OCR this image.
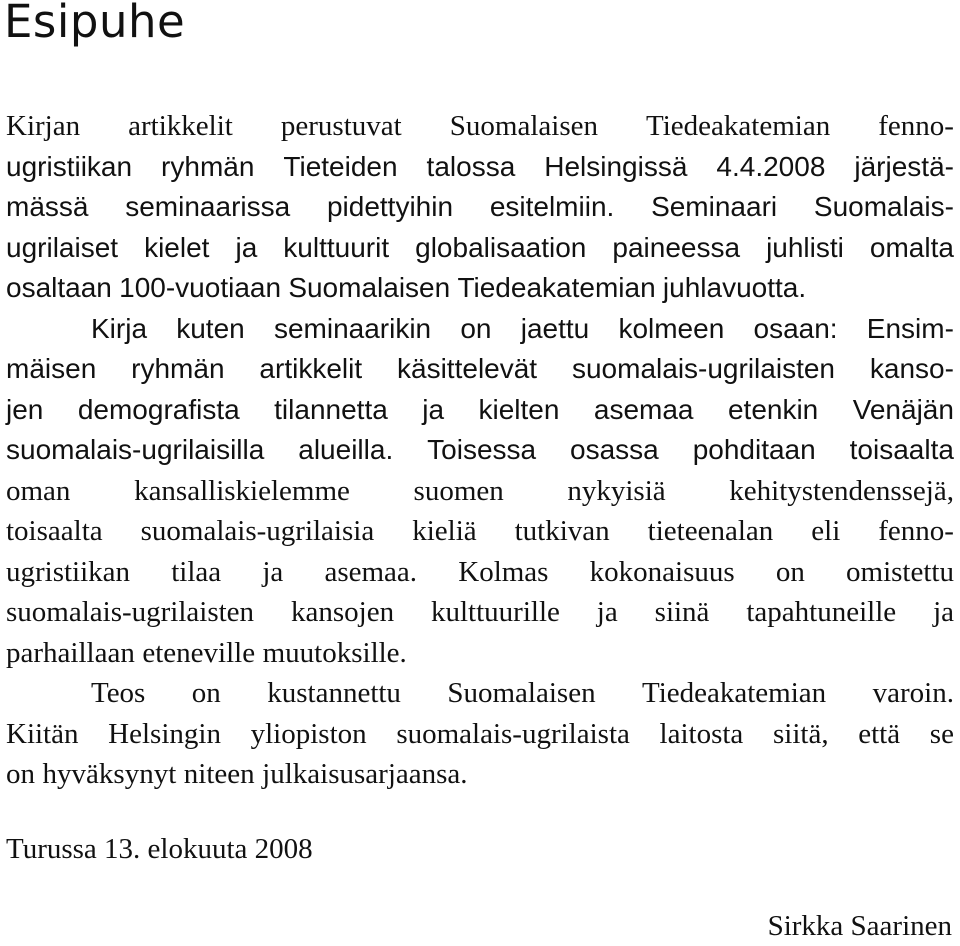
Esipuhe
Kirjan artikkelit perustuvat Suomalaisen Tiedeakatemian fenno-
ugristiikan ryhmän Tieteiden talossa Helsingissä 4.4.2008 järjestä-
mässä seminaarissa pidettyihin esitelmiin. Seminaari Suomalais-
ugrilaiset kielet ja kulttuurit globalisaation paineessa juhlisti omalta
osaltaan 100-vuotiaan Suomalaisen Tiedeakatemian juhlavuotta.
Kirja kuten seminaarikin on jaettu kolmeen osaan: Ensim-
mäisen ryhmän artikkelit käsittelevät suomalais-ugrilaisten kanso-
jen demografista tilannetta ja kielten asemaa etenkin Venäjän
suomalais-ugrilaisilla alueilla. Toisessa osassa pohditaan toisaalta
oman kansalliskielemme suomen nykyisiä kehitystendenssejä,
toisaalta suomalais-ugrilaisia kieliä tutkivan tieteenalan eli fenno-
ugristiikan tilaa ja asemaa. Kolmas kokonaisuus on omistettu
suomalais-ugrilaisten kansojen kulttuurille ja siinä tapahtuneille ja
parhaillaan eteneville muutoksille.
Teos on kustannettu Suomalaisen Tiedeakatemian varoin.
Kiitän Helsingin yliopiston suomalais-ugrilaista laitosta siitä, että se
on hyväksynyt niteen julkaisusarjaansa.
Turussa 13. elokuuta 2008
Sirkka Saarinen
